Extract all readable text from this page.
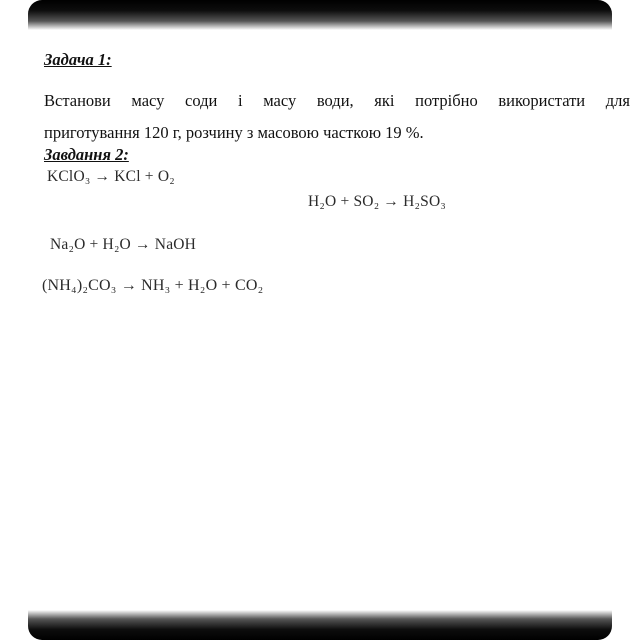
Задача 1:

Встанови масу соди і масу води, які потрібно використати для
приготування 120 г, розчину з масовою часткою 19 %.

Завдання 2:

KClO₃ → KCl + O₂

H₂O + SO₂ → H₂SO₃

Na₂O + H₂O → NaOH

(NH₄)₂CO₃ → NH₃ + H₂O + CO₂
